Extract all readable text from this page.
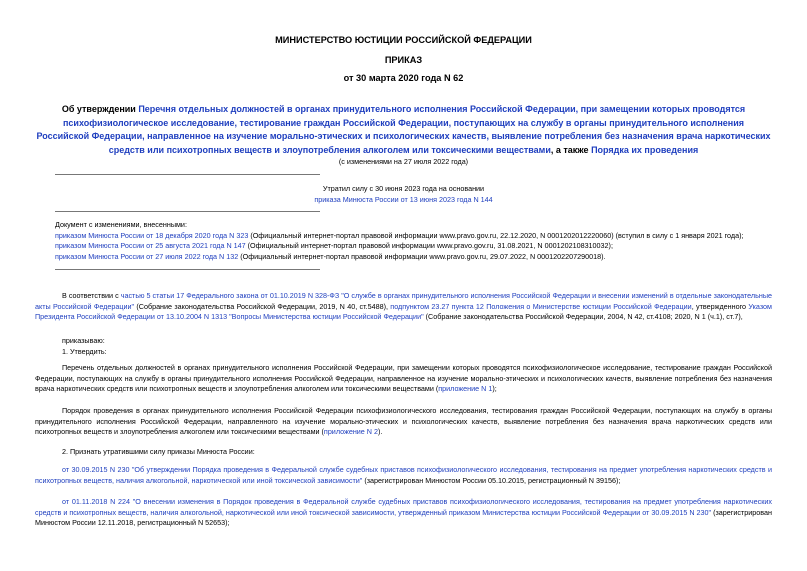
МИНИСТЕРСТВО ЮСТИЦИИ РОССИЙСКОЙ ФЕДЕРАЦИИ
ПРИКАЗ
от 30 марта 2020 года N 62
Об утверждении Перечня отдельных должностей в органах принудительного исполнения Российской Федерации, при замещении которых проводятся психофизиологическое исследование, тестирование граждан Российской Федерации, поступающих на службу в органы принудительного исполнения Российской Федерации, направленное на изучение морально-этических и психологических качеств, выявление потребления без назначения врача наркотических средств или психотропных веществ и злоупотребления алкоголем или токсическими веществами, а также Порядка их проведения
(с изменениями на 27 июля 2022 года)
Утратил силу с 30 июня 2023 года на основании
приказа Минюста России от 13 июня 2023 года N 144
Документ с изменениями, внесенными:
приказом Минюста России от 18 декабря 2020 года N 323 (Официальный интернет-портал правовой информации www.pravo.gov.ru, 22.12.2020, N 0001202012220060) (вступил в силу с 1 января 2021 года);
приказом Минюста России от 25 августа 2021 года N 147 (Официальный интернет-портал правовой информации www.pravo.gov.ru, 31.08.2021, N 0001202108310032);
приказом Минюста России от 27 июля 2022 года N 132 (Официальный интернет-портал правовой информации www.pravo.gov.ru, 29.07.2022, N 0001202207290018).
В соответствии с частью 5 статьи 17 Федерального закона от 01.10.2019 N 328-ФЗ "О службе в органах принудительного исполнения Российской Федерации и внесении изменений в отдельные законодательные акты Российской Федерации" (Собрание законодательства Российской Федерации, 2019, N 40, ст.5488), подпунктом 23.27 пункта 12 Положения о Министерстве юстиции Российской Федерации, утвержденного Указом Президента Российской Федерации от 13.10.2004 N 1313 "Вопросы Министерства юстиции Российской Федерации" (Собрание законодательства Российской Федерации, 2004, N 42, ст.4108; 2020, N 1 (ч.1), ст.7),
приказываю:
1. Утвердить:
Перечень отдельных должностей в органах принудительного исполнения Российской Федерации, при замещении которых проводятся психофизиологическое исследование, тестирование граждан Российской Федерации, поступающих на службу в органы принудительного исполнения Российской Федерации, направленное на изучение морально-этических и психологических качеств, выявление потребления без назначения врача наркотических средств или психотропных веществ и злоупотребления алкоголем или токсическими веществами (приложение N 1);
Порядок проведения в органах принудительного исполнения Российской Федерации психофизиологического исследования, тестирования граждан Российской Федерации, поступающих на службу в органы принудительного исполнения Российской Федерации, направленного на изучение морально-этических и психологических качеств, выявление потребления без назначения врача наркотических средств или психотропных веществ и злоупотребления алкоголем или токсическими веществами (приложение N 2).
2. Признать утратившими силу приказы Минюста России:
от 30.09.2015 N 230 "Об утверждении Порядка проведения в Федеральной службе судебных приставов психофизиологического исследования, тестирования на предмет употребления наркотических средств и психотропных веществ, наличия алкогольной, наркотической или иной токсической зависимости" (зарегистрирован Минюстом России 05.10.2015, регистрационный N 39156);
от 01.11.2018 N 224 "О внесении изменения в Порядок проведения в Федеральной службе судебных приставов психофизиологического исследования, тестирования на предмет употребления наркотических средств и психотропных веществ, наличия алкогольной, наркотической или иной токсической зависимости, утвержденный приказом Министерства юстиции Российской Федерации от 30.09.2015 N 230" (зарегистрирован Минюстом России 12.11.2018, регистрационный N 52653);
